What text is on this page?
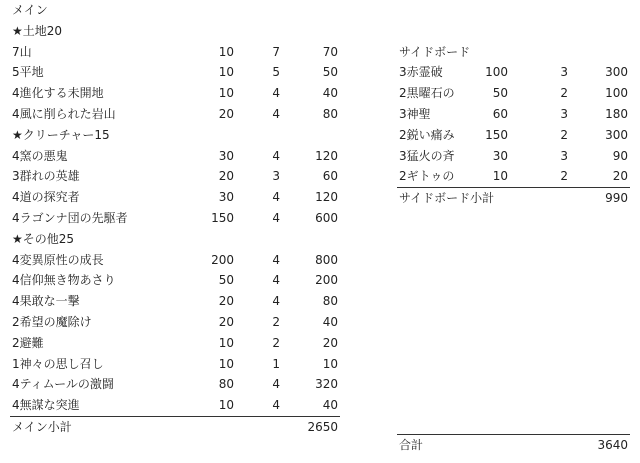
メイン
★土地20
7山	10	7	70
5平地	10	5	50
4進化する未開地	10	4	40
4風に削られた岩山	20	4	80
★クリーチャー15
4窯の悪鬼	30	4	120
3群れの英雄	20	3	60
4道の探究者	30	4	120
4ラゴンナ団の先駆者	150	4	600
★その他25
4変異原性の成長	200	4	800
4信仰無き物あさり	50	4	200
4果敢な一撃	20	4	80
2希望の魔除け	20	2	40
2避難	10	2	20
1神々の思し召し	10	1	10
4ティムールの激闘	80	4	320
4無謀な突進	10	4	40
メイン小計	2650
サイドボード
3赤霊破	100	3	300
2黒曜石の	50	2	100
3神聖	60	3	180
2鋭い痛み	150	2	300
3猛火の斉	30	3	90
2ギトゥの	10	2	20
サイドボード小計	990
合計	3640
